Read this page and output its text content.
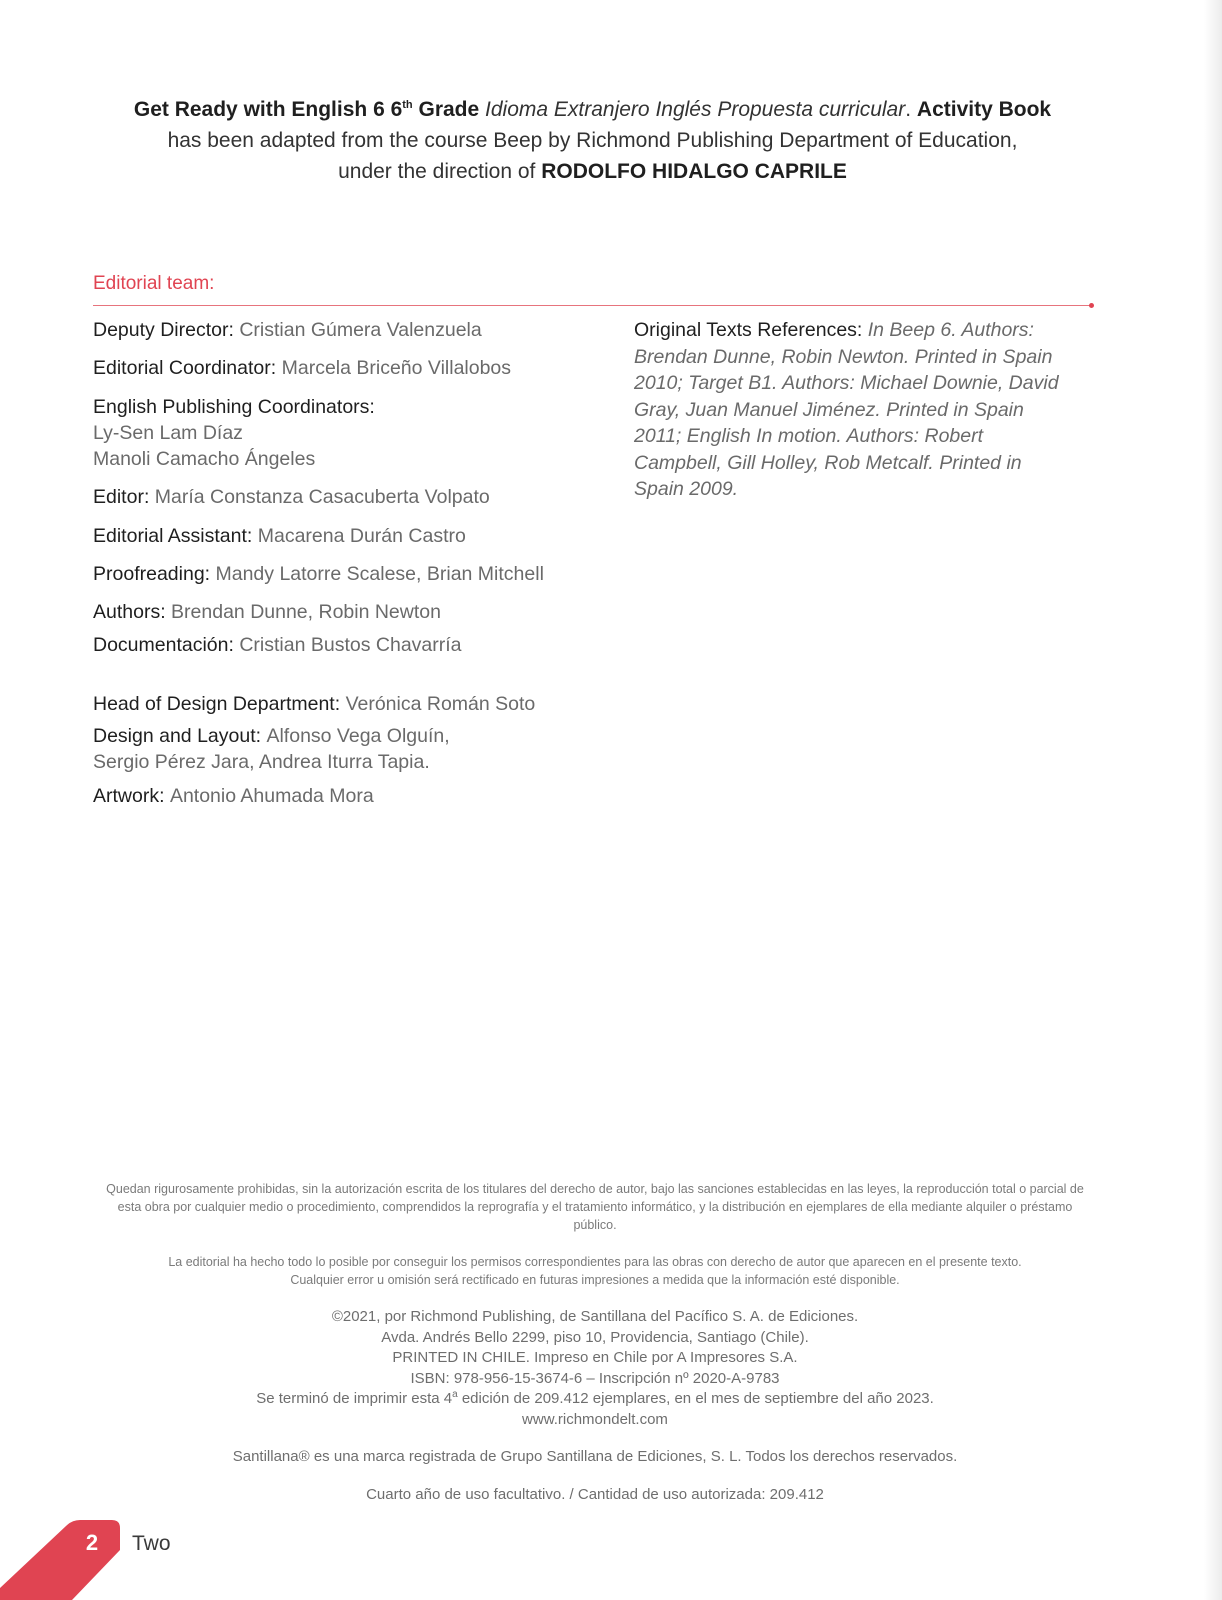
Get Ready with English 6 6th Grade Idioma Extranjero Inglés Propuesta curricular. Activity Book
has been adapted from the course Beep by Richmond Publishing Department of Education,
under the direction of RODOLFO HIDALGO CAPRILE
Editorial team:
Deputy Director: Cristian Gúmera Valenzuela
Editorial Coordinator: Marcela Briceño Villalobos
English Publishing Coordinators:
Ly-Sen Lam Díaz
Manoli Camacho Ángeles
Editor: María Constanza Casacuberta Volpato
Editorial Assistant: Macarena Durán Castro
Proofreading: Mandy Latorre Scalese, Brian Mitchell
Authors: Brendan Dunne, Robin Newton
Documentación: Cristian Bustos Chavarría
Head of Design Department: Verónica Román Soto
Design and Layout: Alfonso Vega Olguín,
Sergio Pérez Jara, Andrea Iturra Tapia.
Artwork: Antonio Ahumada Mora
Original Texts References: In Beep 6. Authors: Brendan Dunne, Robin Newton. Printed in Spain 2010; Target B1. Authors: Michael Downie, David Gray, Juan Manuel Jiménez. Printed in Spain 2011; English In motion. Authors: Robert Campbell, Gill Holley, Rob Metcalf. Printed in Spain 2009.
Quedan rigurosamente prohibidas, sin la autorización escrita de los titulares del derecho de autor, bajo las sanciones establecidas en las leyes, la reproducción total o parcial de esta obra por cualquier medio o procedimiento, comprendidos la reprografía y el tratamiento informático, y la distribución en ejemplares de ella mediante alquiler o préstamo público.
La editorial ha hecho todo lo posible por conseguir los permisos correspondientes para las obras con derecho de autor que aparecen en el presente texto.
Cualquier error u omisión será rectificado en futuras impresiones a medida que la información esté disponible.
©2021, por Richmond Publishing, de Santillana del Pacífico S. A. de Ediciones.
Avda. Andrés Bello 2299, piso 10, Providencia, Santiago (Chile).
PRINTED IN CHILE. Impreso en Chile por A Impresores S.A.
ISBN: 978-956-15-3674-6 – Inscripción nº 2020-A-9783
Se terminó de imprimir esta 4$^a$ edición de 209.412 ejemplares, en el mes de septiembre del año 2023.
www.richmondelt.com
Santillana® es una marca registrada de Grupo Santillana de Ediciones, S. L. Todos los derechos reservados.
Cuarto año de uso facultativo. / Cantidad de uso autorizada: 209.412
2	Two
